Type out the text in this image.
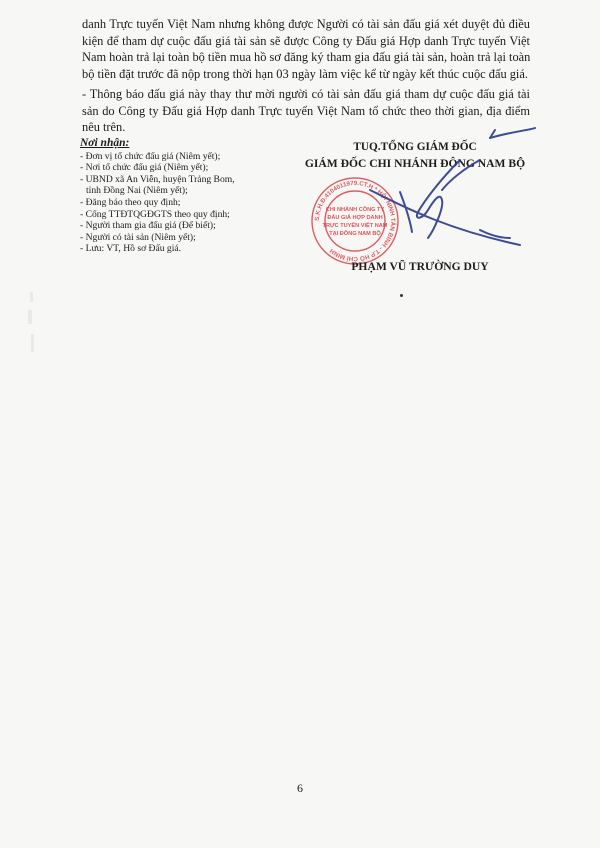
danh Trực tuyến Việt Nam nhưng không được Người có tài sản đấu giá xét duyệt đủ điều
kiện để tham dự cuộc đấu giá tài sản sẽ được Công ty Đấu giá Hợp danh Trực tuyến Việt
Nam hoàn trả lại toàn bộ tiền mua hồ sơ đăng ký tham gia đấu giá tài sản, hoàn trả lại toàn
bộ tiền đặt trước đã nộp trong thời hạn 03 ngày làm việc kể từ ngày kết thúc cuộc đấu giá.
- Thông báo đấu giá này thay thư mời người có tài sản đấu giá tham dự cuộc đấu giá tài
sản do Công ty Đấu giá Hợp danh Trực tuyến Việt Nam tổ chức theo thời gian, địa điểm
nêu trên.
Nơi nhận:
- Đơn vị tổ chức đấu giá (Niêm yết);
- Nơi tổ chức đấu giá (Niêm yết);
- UBND xã An Viễn, huyện Trảng Bom,
tỉnh Đồng Nai (Niêm yết);
- Đăng báo theo quy định;
- Cổng TTĐTQGĐGTS theo quy định;
- Người tham gia đấu giá (Để biết);
- Người có tài sản (Niêm yết);
- Lưu: VT, Hồ sơ Đấu giá.
TUQ.TỔNG GIÁM ĐỐC
GIÁM ĐỐC CHI NHÁNH ĐÔNG NAM BỘ
S.K.H.Đ.4104011979.CT.H * HỘI NINH TÂN BÌNH - T.P HỒ CHÍ MINH
CHI NHÁNH CÔNG TY
ĐẤU GIÁ HỢP DANH
TRỰC TUYẾN VIỆT NAM
TẠI ĐÔNG NAM BỘ
PHẠM VŨ TRƯỜNG DUY
6
